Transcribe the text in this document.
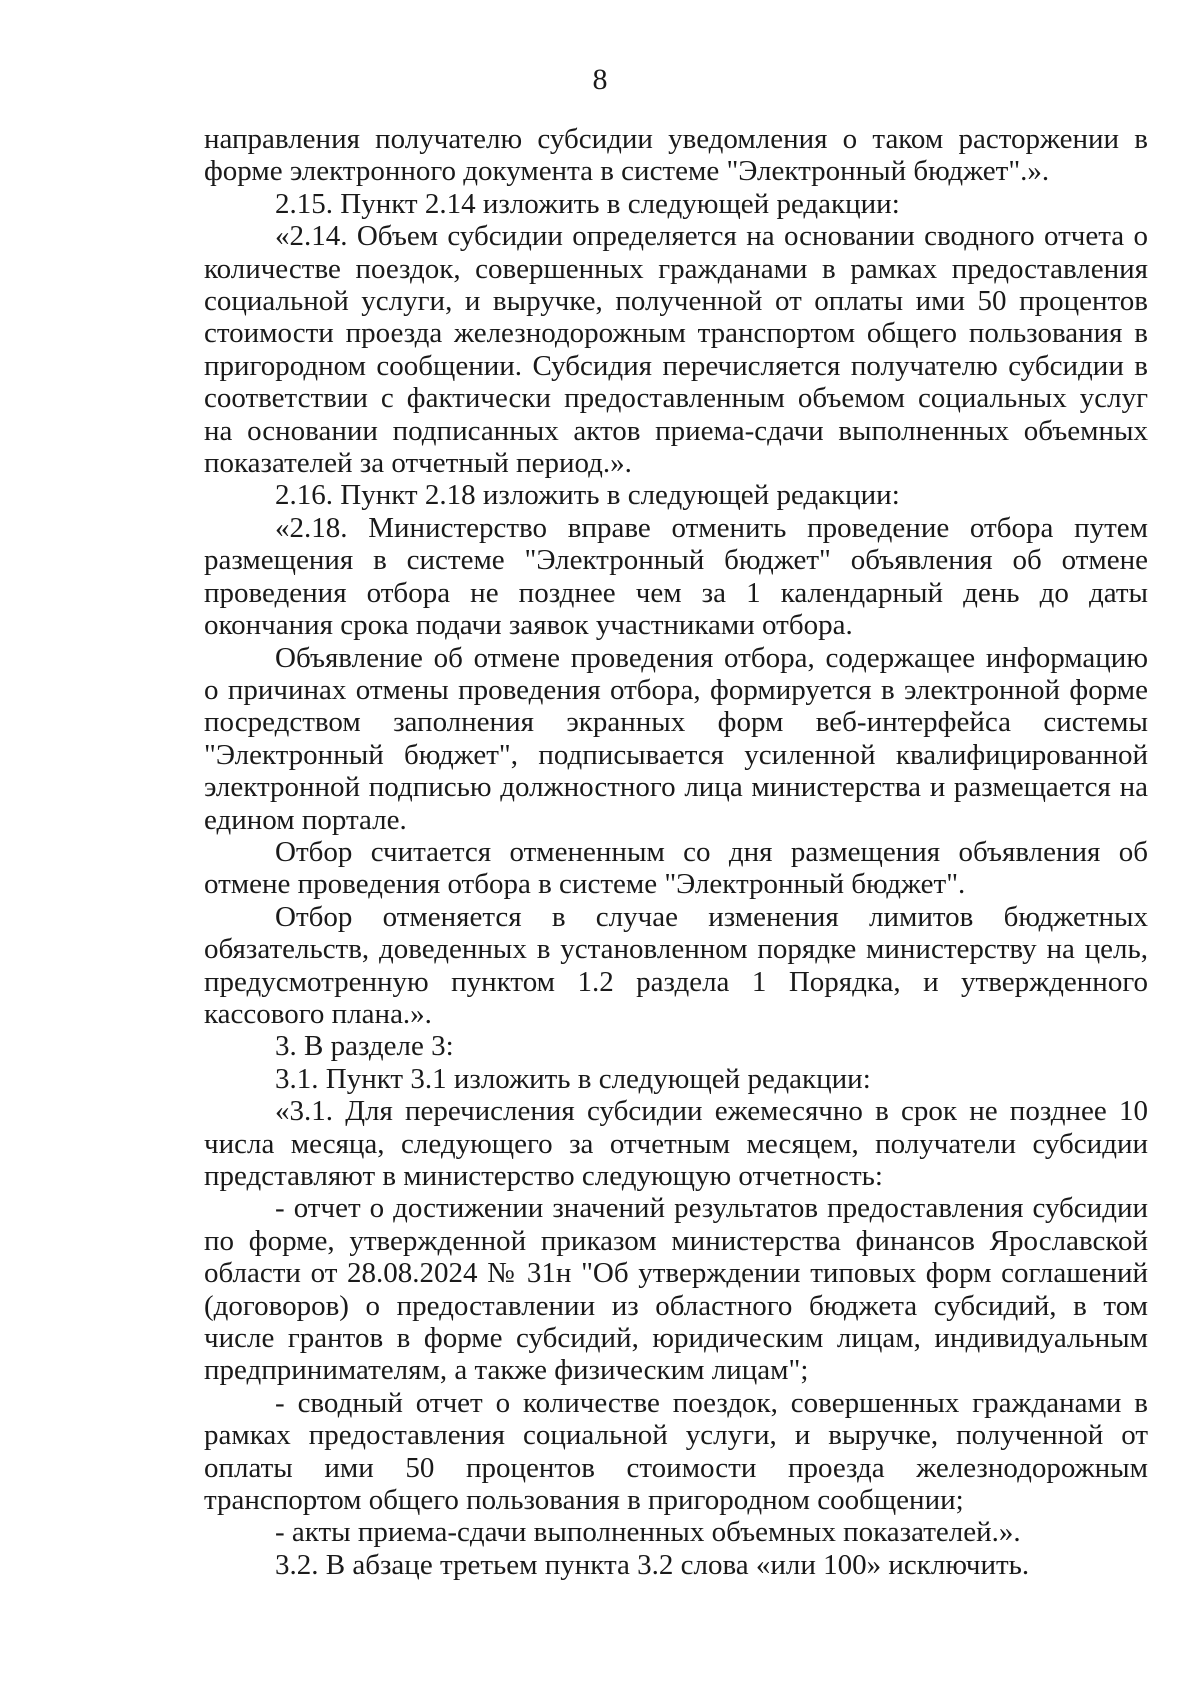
8

направления получателю субсидии уведомления о таком расторжении в форме электронного документа в системе "Электронный бюджет".».

2.15. Пункт 2.14 изложить в следующей редакции:

«2.14. Объем субсидии определяется на основании сводного отчета о количестве поездок, совершенных гражданами в рамках предоставления социальной услуги, и выручке, полученной от оплаты ими 50 процентов стоимости проезда железнодорожным транспортом общего пользования в пригородном сообщении. Субсидия перечисляется получателю субсидии в соответствии с фактически предоставленным объемом социальных услуг на основании подписанных актов приема-сдачи выполненных объемных показателей за отчетный период.».

2.16. Пункт 2.18 изложить в следующей редакции:

«2.18. Министерство вправе отменить проведение отбора путем размещения в системе "Электронный бюджет" объявления об отмене проведения отбора не позднее чем за 1 календарный день до даты окончания срока подачи заявок участниками отбора.

Объявление об отмене проведения отбора, содержащее информацию о причинах отмены проведения отбора, формируется в электронной форме посредством заполнения экранных форм веб-интерфейса системы "Электронный бюджет", подписывается усиленной квалифицированной электронной подписью должностного лица министерства и размещается на едином портале.

Отбор считается отмененным со дня размещения объявления об отмене проведения отбора в системе "Электронный бюджет".

Отбор отменяется в случае изменения лимитов бюджетных обязательств, доведенных в установленном порядке министерству на цель, предусмотренную пунктом 1.2 раздела 1 Порядка, и утвержденного кассового плана.».

3. В разделе 3:

3.1. Пункт 3.1 изложить в следующей редакции:

«3.1. Для перечисления субсидии ежемесячно в срок не позднее 10 числа месяца, следующего за отчетным месяцем, получатели субсидии представляют в министерство следующую отчетность:

- отчет о достижении значений результатов предоставления субсидии по форме, утвержденной приказом министерства финансов Ярославской области от 28.08.2024 № 31н "Об утверждении типовых форм соглашений (договоров) о предоставлении из областного бюджета субсидий, в том числе грантов в форме субсидий, юридическим лицам, индивидуальным предпринимателям, а также физическим лицам";

- сводный отчет о количестве поездок, совершенных гражданами в рамках предоставления социальной услуги, и выручке, полученной от оплаты ими 50 процентов стоимости проезда железнодорожным транспортом общего пользования в пригородном сообщении;

- акты приема-сдачи выполненных объемных показателей.».

3.2. В абзаце третьем пункта 3.2 слова «или 100» исключить.
